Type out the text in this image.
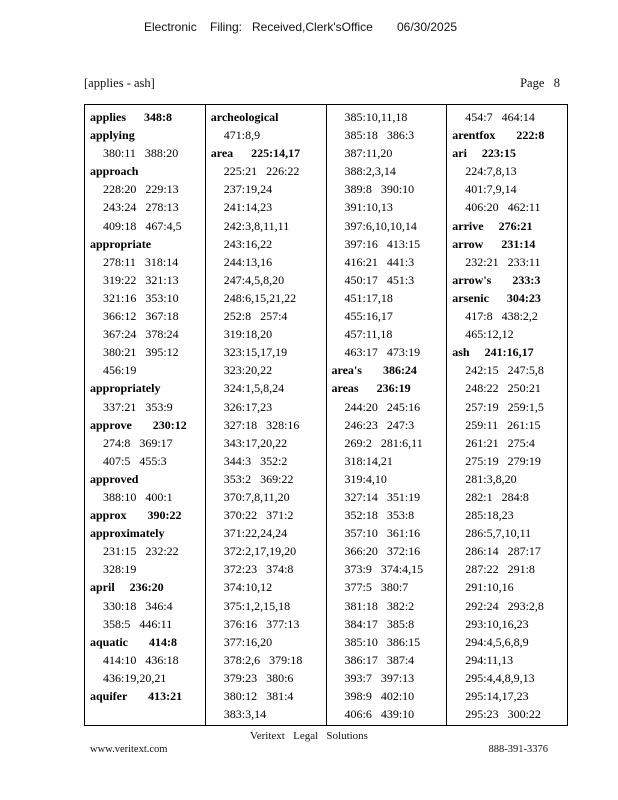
Electronic Filing: Received,Clerk'sOffice 06/30/2025
[applies - ash]	Page 8
applies      348:8
applying
380:11   388:20
approach
228:20   229:13
243:24   278:13
409:18   467:4,5
appropriate
278:11   318:14
319:22   321:13
321:16   353:10
366:12   367:18
367:24   378:24
380:21   395:12
456:19
appropriately
337:21   353:9
approve       230:12
274:8   369:17
407:5   455:3
approved
388:10   400:1
approx       390:22
approximately
231:15   232:22
328:19
april     236:20
330:18   346:4
358:5   446:11
aquatic       414:8
414:10   436:18
436:19,20,21
aquifer       413:21
archeological
471:8,9
area      225:14,17
225:21   226:22
237:19,24
241:14,23
242:3,8,11,11
243:16,22
244:13,16
247:4,5,8,20
248:6,15,21,22
252:8   257:4
319:18,20
323:15,17,19
323:20,22
324:1,5,8,24
326:17,23
327:18   328:16
343:17,20,22
344:3   352:2
353:2   369:22
370:7,8,11,20
370:22   371:2
371:22,24,24
372:2,17,19,20
372:23   374:8
374:10,12
375:1,2,15,18
376:16   377:13
377:16,20
378:2,6   379:18
379:23   380:6
380:12   381:4
383:3,14
385:10,11,18
385:18   386:3
387:11,20
388:2,3,14
389:8   390:10
391:10,13
397:6,10,10,14
397:16   413:15
416:21   441:3
450:17   451:3
451:17,18
455:16,17
457:11,18
463:17   473:19
area's       386:24
areas      236:19
244:20   245:16
246:23   247:3
269:2   281:6,11
318:14,21
319:4,10
327:14   351:19
352:18   353:8
357:10   361:16
366:20   372:16
373:9   374:4,15
377:5   380:7
381:18   382:2
384:17   385:8
385:10   386:15
386:17   387:4
393:7   397:13
398:9   402:10
406:6   439:10
454:7   464:14
arentfox       222:8
ari     223:15
224:7,8,13
401:7,9,14
406:20   462:11
arrive     276:21
arrow      231:14
232:21   233:11
arrow's       233:3
arsenic      304:23
417:8   438:2,2
465:12,12
ash     241:16,17
242:15   247:5,8
248:22   250:21
257:19   259:1,5
259:11   261:15
261:21   275:4
275:19   279:19
281:3,8,20
282:1   284:8
285:18,23
286:5,7,10,11
286:14   287:17
287:22   291:8
291:10,16
292:24   293:2,8
293:10,16,23
294:4,5,6,8,9
294:11,13
295:4,4,8,9,13
295:14,17,23
295:23   300:22
Veritext   Legal   Solutions
www.veritext.com	888-391-3376
